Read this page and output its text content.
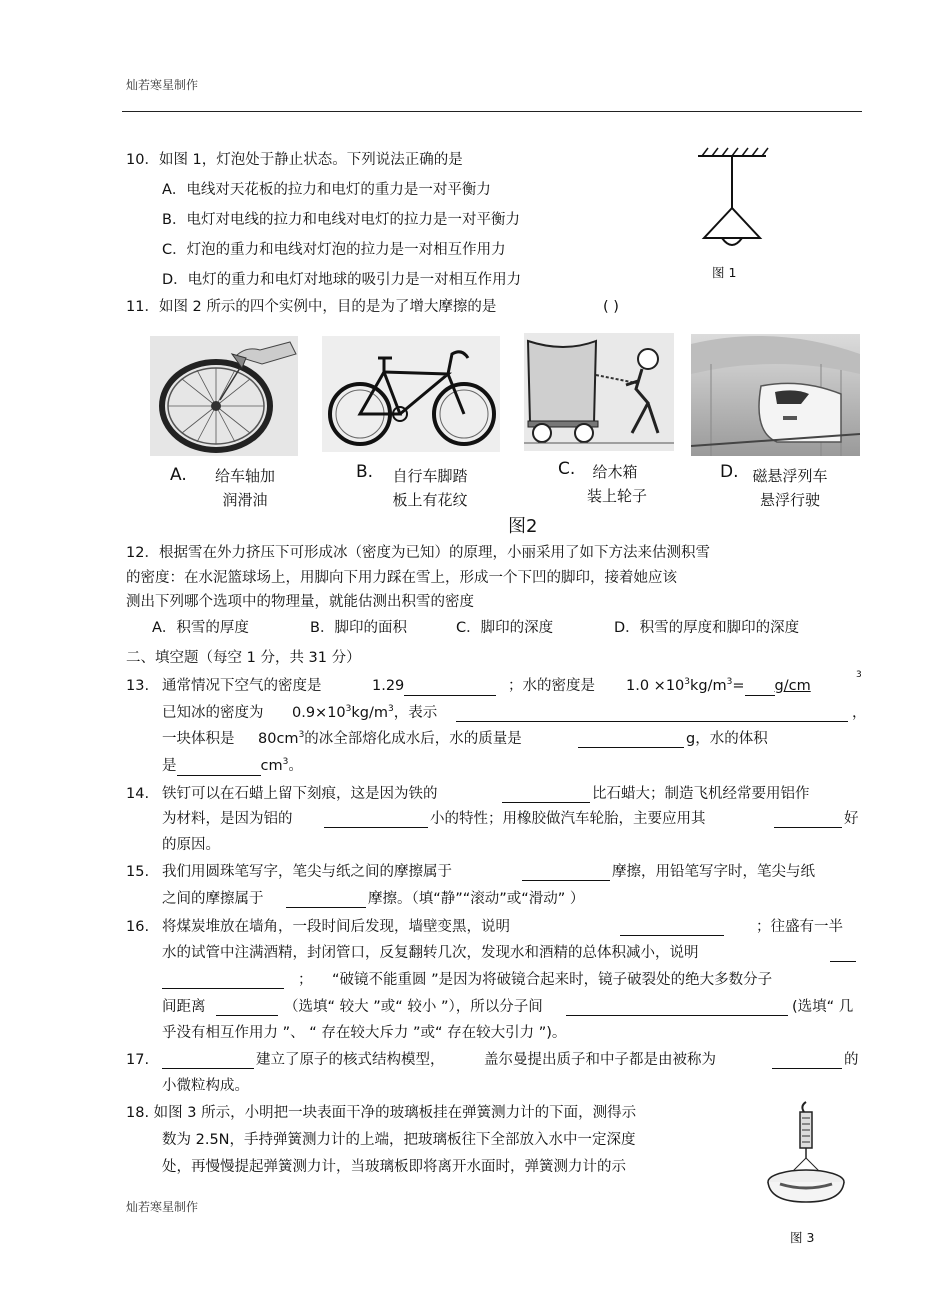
灿若寒星制作
10．如图 1，灯泡处于静止状态。下列说法正确的是
A．电线对天花板的拉力和电灯的重力是一对平衡力
B．电灯对电线的拉力和电线对电灯的拉力是一对平衡力
C．灯泡的重力和电线对灯泡的拉力是一对相互作用力
D．电灯的重力和电灯对地球的吸引力是一对相互作用力	图 1
11．如图 2 所示的四个实例中，目的是为了增大摩擦的是	( )
A.	给车轴加
润滑油
B.	自行车脚踏
板上有花纹
C.	给木箱
装上轮子
D. 磁悬浮列车
悬浮行驶
图2
12．根据雪在外力挤压下可形成冰（密度为已知）的原理，小丽采用了如下方法来估测积雪
的密度：在水泥篮球场上，用脚向下用力踩在雪上，形成一个下凹的脚印，接着她应该
测出下列哪个选项中的物理量，就能估测出积雪的密度
A．积雪的厚度	B．脚印的面积	C．脚印的深度	D．积雪的厚度和脚印的深度
二、填空题（每空 1 分，共 31 分）
13. 通常情况下空气的密度是	1.29	；水的密度是 $1.0 \times 10^3kg/m^3= g/cm$
3
已知冰的密度为 $0.9\times 10^3kg/m^3$，表示	，
一块体积是 $80cm^3$的冰全部熔化成水后，水的质量是	g，水的体积
是	$cm^3$。
14. 铁钉可以在石蜡上留下刻痕，这是因为铁的	比石蜡大；制造飞机经常要用铝作
为材料，是因为铝的	小的特性；用橡胶做汽车轮胎，主要应用其	好
的原因。
15. 我们用圆珠笔写字，笔尖与纸之间的摩擦属于	摩擦，用铅笔写字时，笔尖与纸
之间的摩擦属于	摩擦。（填“静”“滚动”或“滑动” ）
16. 将煤炭堆放在墙角，一段时间后发现，墙壁变黑，说明	；往盛有一半
水的试管中注满酒精，封闭管口，反复翻转几次，发现水和酒精的总体积减小，说明
； “破镜不能重圆 ”是因为将破镜合起来时，镜子破裂处的绝大多数分子
间距离	（选填“ 较大 ”或“ 较小 ”），所以分子间	(选填“ 几
乎没有相互作用力 ”、 “ 存在较大斥力 ”或“ 存在较大引力 ”)。
17.	建立了原子的核式结构模型，	盖尔曼提出质子和中子都是由被称为	的
小微粒构成。
18. 如图 3 所示，小明把一块表面干净的玻璃板挂在弹簧测力计的下面，测得示
数为 2.5N，手持弹簧测力计的上端，把玻璃板往下全部放入水中一定深度
处，再慢慢提起弹簧测力计，当玻璃板即将离开水面时，弹簧测力计的示
灿若寒星制作
图 3
